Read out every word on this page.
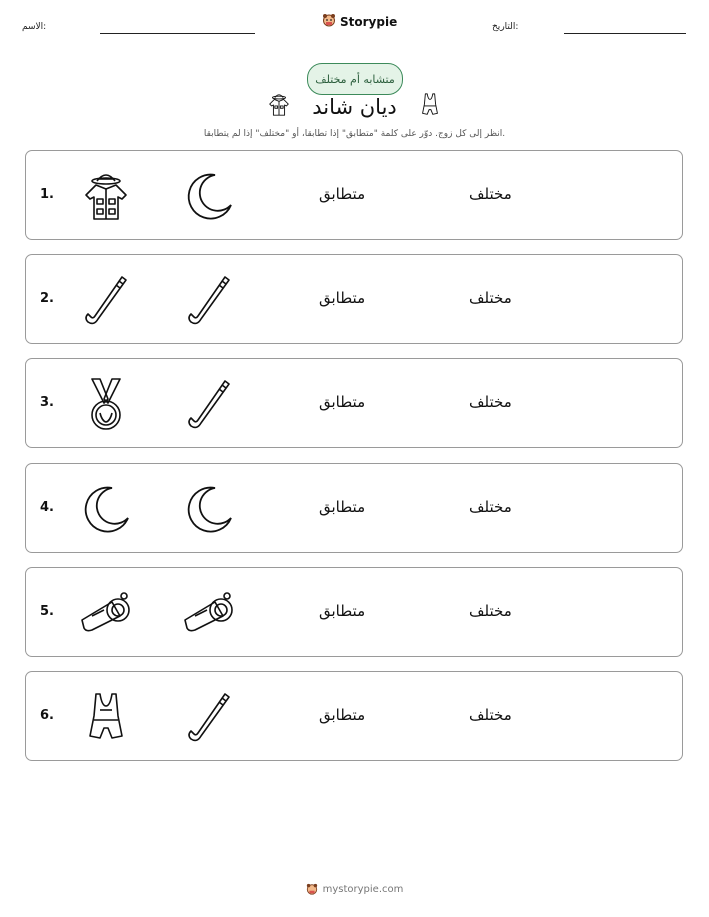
الاسم:	Storypie	التاريخ:
متشابه أم مختلف
ديان شاند
انظر إلى كل زوج. دوّر على كلمة "متطابق" إذا تطابقا، أو "مختلف" إذا لم يتطابقا.
1.	متطابق	مختلف
2.	متطابق	مختلف
3.	متطابق	مختلف
4.	متطابق	مختلف
5.	متطابق	مختلف
6.	متطابق	مختلف
mystorypie.com
